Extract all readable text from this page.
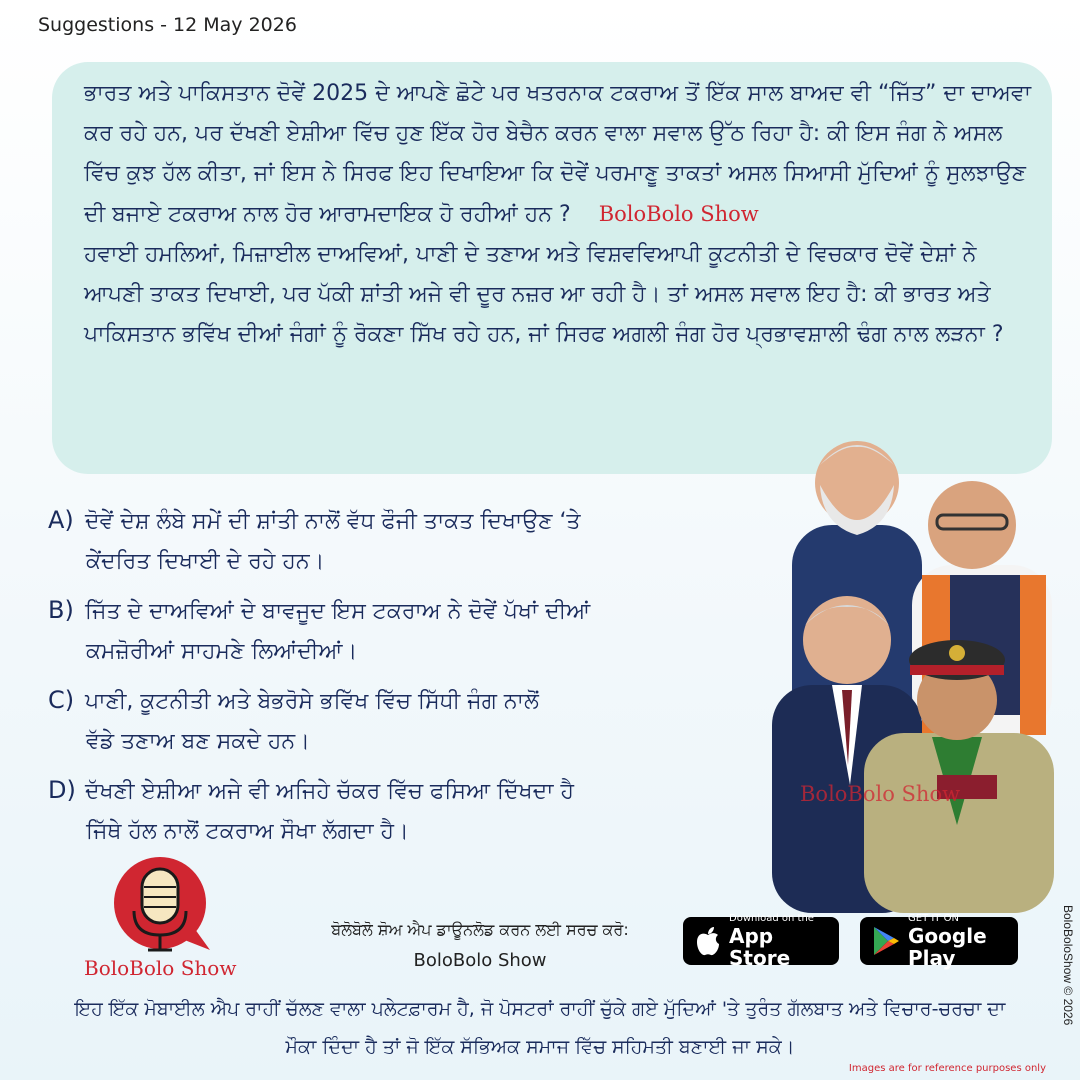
Suggestions - 12 May 2026

ਭਾਰਤ ਅਤੇ ਪਾਕਿਸਤਾਨ ਦੋਵੇਂ 2025 ਦੇ ਆਪਣੇ ਛੋਟੇ ਪਰ ਖਤਰਨਾਕ ਟਕਰਾਅ ਤੋਂ ਇੱਕ ਸਾਲ ਬਾਅਦ ਵੀ “ਜਿੱਤ” ਦਾ ਦਾਅਵਾ ਕਰ ਰਹੇ ਹਨ, ਪਰ ਦੱਖਣੀ ਏਸ਼ੀਆ ਵਿੱਚ ਹੁਣ ਇੱਕ ਹੋਰ ਬੇਚੈਨ ਕਰਨ ਵਾਲਾ ਸਵਾਲ ਉੱਠ ਰਿਹਾ ਹੈ: ਕੀ ਇਸ ਜੰਗ ਨੇ ਅਸਲ ਵਿੱਚ ਕੁਝ ਹੱਲ ਕੀਤਾ, ਜਾਂ ਇਸ ਨੇ ਸਿਰਫ ਇਹ ਦਿਖਾਇਆ ਕਿ ਦੋਵੇਂ ਪਰਮਾਣੂ ਤਾਕਤਾਂ ਅਸਲ ਸਿਆਸੀ ਮੁੱਦਿਆਂ ਨੂੰ ਸੁਲਝਾਉਣ ਦੀ ਬਜਾਏ ਟਕਰਾਅ ਨਾਲ ਹੋਰ ਆਰਾਮਦਾਇਕ ਹੋ ਰਹੀਆਂ ਹਨ ? BoloBolo Show

ਹਵਾਈ ਹਮਲਿਆਂ, ਮਿਜ਼ਾਈਲ ਦਾਅਵਿਆਂ, ਪਾਣੀ ਦੇ ਤਣਾਅ ਅਤੇ ਵਿਸ਼ਵਵਿਆਪੀ ਕੂਟਨੀਤੀ ਦੇ ਵਿਚਕਾਰ ਦੋਵੇਂ ਦੇਸ਼ਾਂ ਨੇ ਆਪਣੀ ਤਾਕਤ ਦਿਖਾਈ, ਪਰ ਪੱਕੀ ਸ਼ਾਂਤੀ ਅਜੇ ਵੀ ਦੂਰ ਨਜ਼ਰ ਆ ਰਹੀ ਹੈ। ਤਾਂ ਅਸਲ ਸਵਾਲ ਇਹ ਹੈ: ਕੀ ਭਾਰਤ ਅਤੇ ਪਾਕਿਸਤਾਨ ਭਵਿੱਖ ਦੀਆਂ ਜੰਗਾਂ ਨੂੰ ਰੋਕਣਾ ਸਿੱਖ ਰਹੇ ਹਨ, ਜਾਂ ਸਿਰਫ ਅਗਲੀ ਜੰਗ ਹੋਰ ਪ੍ਰਭਾਵਸ਼ਾਲੀ ਢੰਗ ਨਾਲ ਲੜਨਾ ?

A) ਦੋਵੇਂ ਦੇਸ਼ ਲੰਬੇ ਸਮੇਂ ਦੀ ਸ਼ਾਂਤੀ ਨਾਲੋਂ ਵੱਧ ਫੌਜੀ ਤਾਕਤ ਦਿਖਾਉਣ ‘ਤੇ
ਕੇਂਦਰਿਤ ਦਿਖਾਈ ਦੇ ਰਹੇ ਹਨ।
B) ਜਿੱਤ ਦੇ ਦਾਅਵਿਆਂ ਦੇ ਬਾਵਜੂਦ ਇਸ ਟਕਰਾਅ ਨੇ ਦੋਵੇਂ ਪੱਖਾਂ ਦੀਆਂ
ਕਮਜ਼ੋਰੀਆਂ ਸਾਹਮਣੇ ਲਿਆਂਦੀਆਂ।
C) ਪਾਣੀ, ਕੂਟਨੀਤੀ ਅਤੇ ਬੇਭਰੋਸੇ ਭਵਿੱਖ ਵਿੱਚ ਸਿੱਧੀ ਜੰਗ ਨਾਲੋਂ
ਵੱਡੇ ਤਣਾਅ ਬਣ ਸਕਦੇ ਹਨ।
D) ਦੱਖਣੀ ਏਸ਼ੀਆ ਅਜੇ ਵੀ ਅਜਿਹੇ ਚੱਕਰ ਵਿੱਚ ਫਸਿਆ ਦਿੱਖਦਾ ਹੈ
ਜਿੱਥੇ ਹੱਲ ਨਾਲੋਂ ਟਕਰਾਅ ਸੌਖਾ ਲੱਗਦਾ ਹੈ।
BoloBolo Show
BoloBolo Show
ਬੋਲੋਬੋਲੋ ਸ਼ੋਅ ਐਪ ਡਾਊਨਲੋਡ ਕਰਨ ਲਈ ਸਰਚ ਕਰੋ:
BoloBolo Show
Download on the
App Store
GET IT ON
Google Play
ਇਹ ਇੱਕ ਮੋਬਾਈਲ ਐਪ ਰਾਹੀਂ ਚੱਲਣ ਵਾਲਾ ਪਲੇਟਫ਼ਾਰਮ ਹੈ, ਜੋ ਪੋਸਟਰਾਂ ਰਾਹੀਂ ਚੁੱਕੇ ਗਏ ਮੁੱਦਿਆਂ 'ਤੇ ਤੁਰੰਤ ਗੱਲਬਾਤ ਅਤੇ ਵਿਚਾਰ-ਚਰਚਾ ਦਾ ਮੌਕਾ ਦਿੰਦਾ ਹੈ ਤਾਂ ਜੋ ਇੱਕ ਸੱਭਿਅਕ ਸਮਾਜ ਵਿੱਚ ਸਹਿਮਤੀ ਬਣਾਈ ਜਾ ਸਕੇ।
BoloBoloShow © 2026
Images are for reference purposes only
